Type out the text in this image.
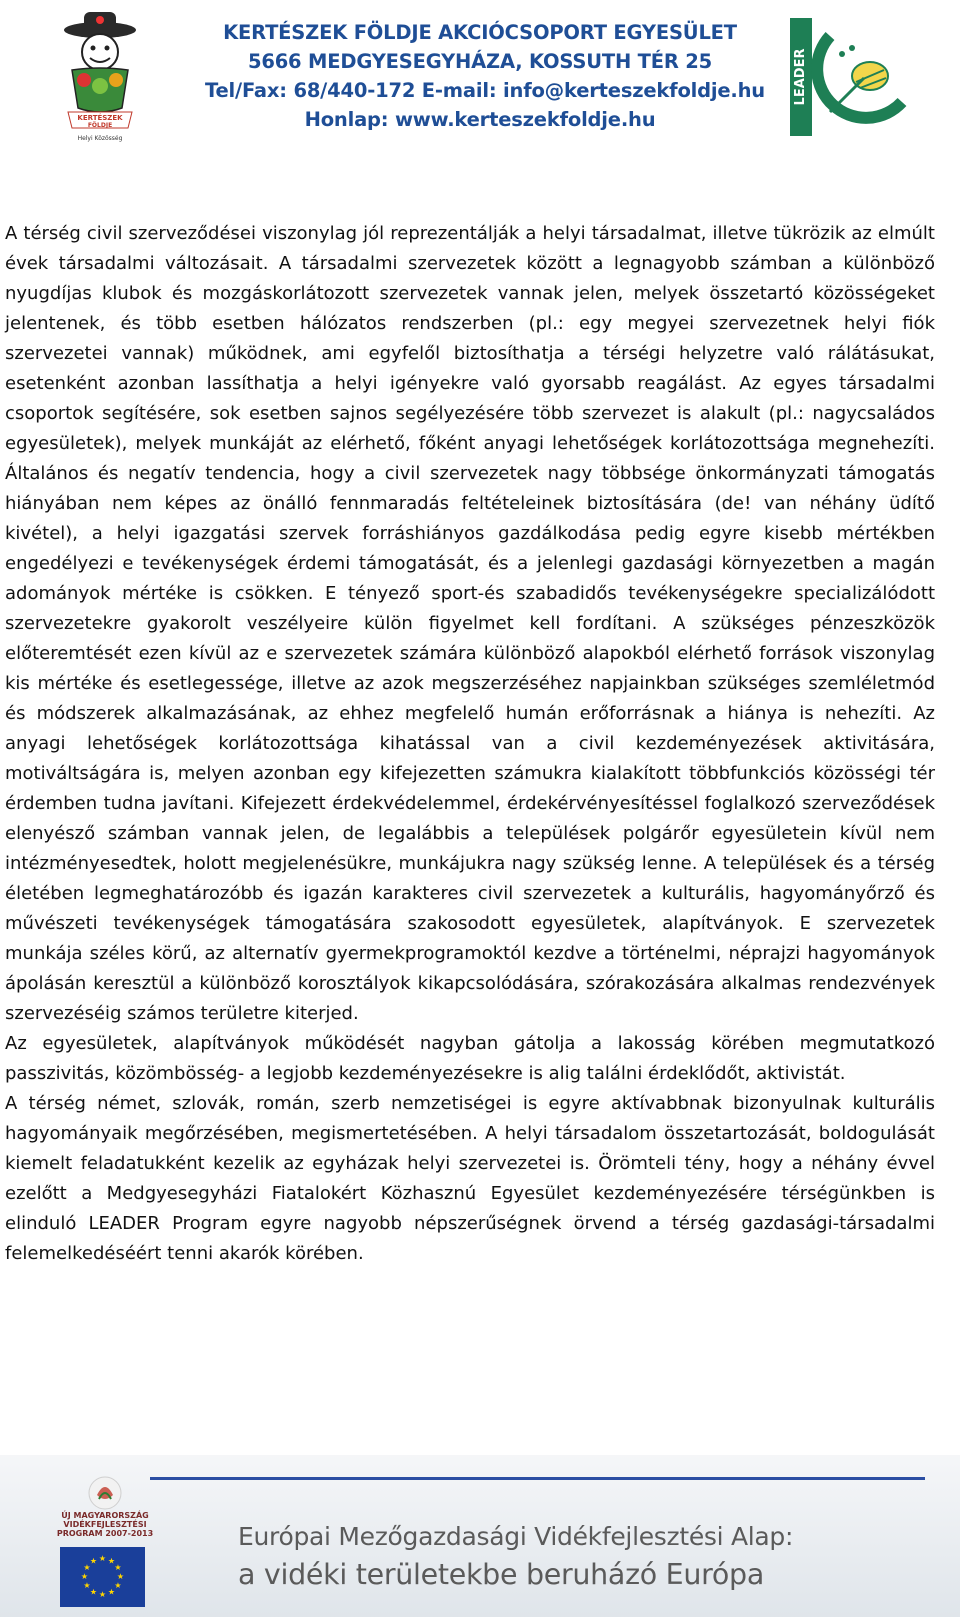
KERTÉSZEK
FÖLDJE
Helyi Közösség
KERTÉSZEK FÖLDJE AKCIÓCSOPORT EGYESÜLET
5666 MEDGYESEGYHÁZA, KOSSUTH TÉR 25
Tel/Fax: 68/440-172 E-mail: info@kerteszekfoldje.hu
Honlap: www.kerteszekfoldje.hu
LEADER

A térség civil szerveződései viszonylag jól reprezentálják a helyi társadalmat, illetve tükrözik az elmúlt évek társadalmi változásait. A társadalmi szervezetek között a legnagyobb számban a különböző nyugdíjas klubok és mozgáskorlátozott szervezetek vannak jelen, melyek összetartó közösségeket jelentenek, és több esetben hálózatos rendszerben (pl.: egy megyei szervezetnek helyi fiók szervezetei vannak) működnek, ami egyfelől biztosíthatja a térségi helyzetre való rálátásukat, esetenként azonban lassíthatja a helyi igényekre való gyorsabb reagálást. Az egyes társadalmi csoportok segítésére, sok esetben sajnos segélyezésére több szervezet is alakult (pl.: nagycsaládos egyesületek), melyek munkáját az elérhető, főként anyagi lehetőségek korlátozottsága megnehezíti. Általános és negatív tendencia, hogy a civil szervezetek nagy többsége önkormányzati támogatás hiányában nem képes az önálló fennmaradás feltételeinek biztosítására (de! van néhány üdítő kivétel), a helyi igazgatási szervek forráshiányos gazdálkodása pedig egyre kisebb mértékben engedélyezi e tevékenységek érdemi támogatását, és a jelenlegi gazdasági környezetben a magán adományok mértéke is csökken. E tényező sport-és szabadidős tevékenységekre specializálódott szervezetekre gyakorolt veszélyeire külön figyelmet kell fordítani. A szükséges pénzeszközök előteremtését ezen kívül az e szervezetek számára különböző alapokból elérhető források viszonylag kis mértéke és esetlegessége, illetve az azok megszerzéséhez napjainkban szükséges szemléletmód és módszerek alkalmazásának, az ehhez megfelelő humán erőforrásnak a hiánya is nehezíti. Az anyagi lehetőségek korlátozottsága kihatással van a civil kezdeményezések aktivitására, motiváltságára is, melyen azonban egy kifejezetten számukra kialakított többfunkciós közösségi tér érdemben tudna javítani. Kifejezett érdekvédelemmel, érdekérvényesítéssel foglalkozó szerveződések elenyésző számban vannak jelen, de legalábbis a települések polgárőr egyesületein kívül nem intézményesedtek, holott megjelenésükre, munkájukra nagy szükség lenne. A települések és a térség életében legmeghatározóbb és igazán karakteres civil szervezetek a kulturális, hagyományőrző és művészeti tevékenységek támogatására szakosodott egyesületek, alapítványok. E szervezetek munkája széles körű, az alternatív gyermekprogramoktól kezdve a történelmi, néprajzi hagyományok ápolásán keresztül a különböző korosztályok kikapcsolódására, szórakozására alkalmas rendezvények szervezéséig számos területre kiterjed.

Az egyesületek, alapítványok működését nagyban gátolja a lakosság körében megmutatkozó passzivitás, közömbösség- a legjobb kezdeményezésekre is alig találni érdeklődőt, aktivistát.

A térség német, szlovák, román, szerb nemzetiségei is egyre aktívabbnak bizonyulnak kulturális hagyományaik megőrzésében, megismertetésében. A helyi társadalom összetartozását, boldogulását kiemelt feladatukként kezelik az egyházak helyi szervezetei is. Örömteli tény, hogy a néhány évvel ezelőtt a Medgyesegyházi Fiatalokért Közhasznú Egyesület kezdeményezésére térségünkben is elinduló LEADER Program egyre nagyobb népszerűségnek örvend a térség gazdasági-társadalmi felemelkedéséért tenni akarók körében.

ÚJ MAGYARORSZÁG VIDÉKFEJLESZTÉSI PROGRAM 2007-2013
★ ★
★
★
★
★
★
★
★
★
★
★
Európai Mezőgazdasági Vidékfejlesztési Alap:
a vidéki területekbe beruházó Európa
